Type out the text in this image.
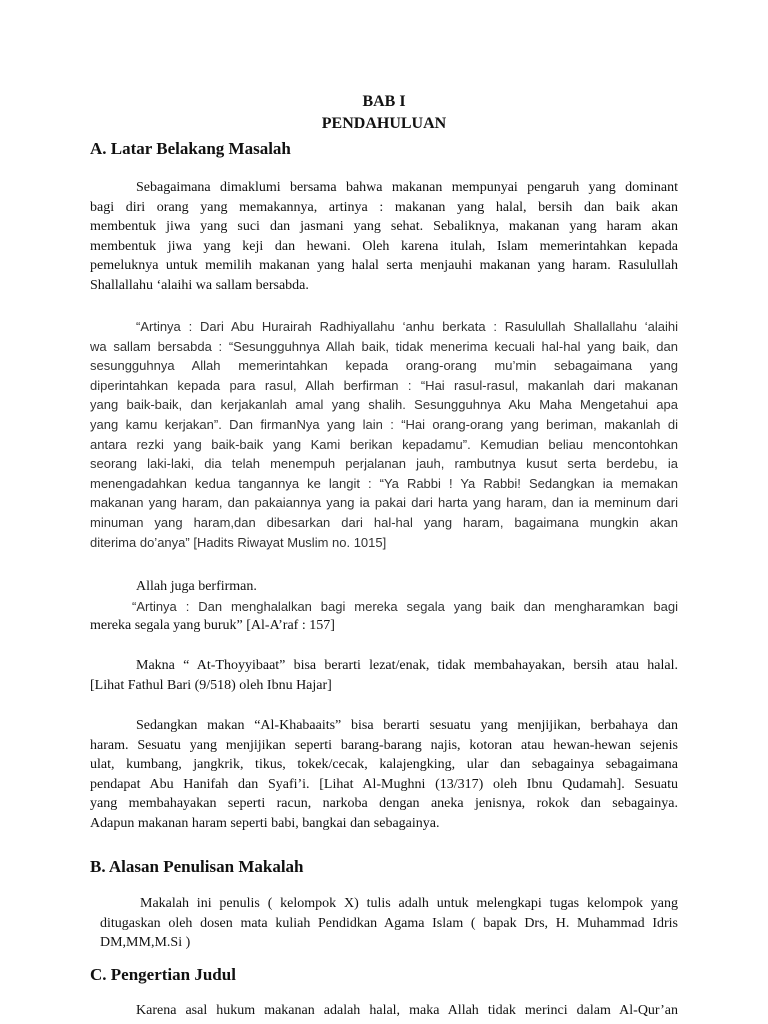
BAB I
PENDAHULUAN
A. Latar Belakang Masalah
Sebagaimana dimaklumi bersama bahwa makanan mempunyai pengaruh yang dominant
bagi diri orang yang memakannya, artinya : makanan yang halal, bersih dan baik akan
membentuk jiwa yang suci dan jasmani yang sehat. Sebaliknya, makanan yang haram akan
membentuk jiwa yang keji dan hewani. Oleh karena itulah, Islam memerintahkan kepada
pemeluknya untuk memilih makanan yang halal serta menjauhi makanan yang haram. Rasulullah
Shallallahu ‘alaihi wa sallam bersabda.
“Artinya : Dari Abu Hurairah Radhiyallahu ‘anhu berkata : Rasulullah Shallallahu ‘alaihi
wa sallam bersabda : “Sesungguhnya Allah baik, tidak menerima kecuali hal-hal yang baik, dan
sesungguhnya Allah memerintahkan kepada orang-orang mu’min sebagaimana yang
diperintahkan kepada para rasul, Allah berfirman : “Hai rasul-rasul, makanlah dari makanan
yang baik-baik, dan kerjakanlah amal yang shalih. Sesungguhnya Aku Maha Mengetahui apa
yang kamu kerjakan”. Dan firmanNya yang lain : “Hai orang-orang yang beriman, makanlah di
antara rezki yang baik-baik yang Kami berikan kepadamu”. Kemudian beliau mencontohkan
seorang laki-laki, dia telah menempuh perjalanan jauh, rambutnya kusut serta berdebu, ia
menengadahkan kedua tangannya ke langit : “Ya Rabbi ! Ya Rabbi! Sedangkan ia memakan
makanan yang haram, dan pakaiannya yang ia pakai dari harta yang haram, dan ia meminum dari
minuman yang haram,dan dibesarkan dari hal-hal yang haram, bagaimana mungkin akan
diterima do’anya” [Hadits Riwayat Muslim no. 1015]
Allah juga berfirman.
“Artinya : Dan menghalalkan bagi mereka segala yang baik dan mengharamkan bagi
mereka segala yang buruk” [Al-A’raf : 157]
Makna “ At-Thoyyibaat” bisa berarti lezat/enak, tidak membahayakan, bersih atau halal.
[Lihat Fathul Bari (9/518) oleh Ibnu Hajar]
Sedangkan makan “Al-Khabaaits” bisa berarti sesuatu yang menjijikan, berbahaya dan
haram. Sesuatu yang menjijikan seperti barang-barang najis, kotoran atau hewan-hewan sejenis
ulat, kumbang, jangkrik, tikus, tokek/cecak, kalajengking, ular dan sebagainya sebagaimana
pendapat Abu Hanifah dan Syafi’i. [Lihat Al-Mughni (13/317) oleh Ibnu Qudamah]. Sesuatu
yang membahayakan seperti racun, narkoba dengan aneka jenisnya, rokok dan sebagainya.
Adapun makanan haram seperti babi, bangkai dan sebagainya.
B. Alasan Penulisan Makalah
Makalah ini penulis ( kelompok X) tulis adalh untuk melengkapi tugas kelompok yang
ditugaskan oleh dosen mata kuliah Pendidkan Agama Islam ( bapak Drs, H. Muhammad Idris
DM,MM,M.Si )
C. Pengertian Judul
Karena asal hukum makanan adalah halal, maka Allah tidak merinci dalam Al-Qur’an
